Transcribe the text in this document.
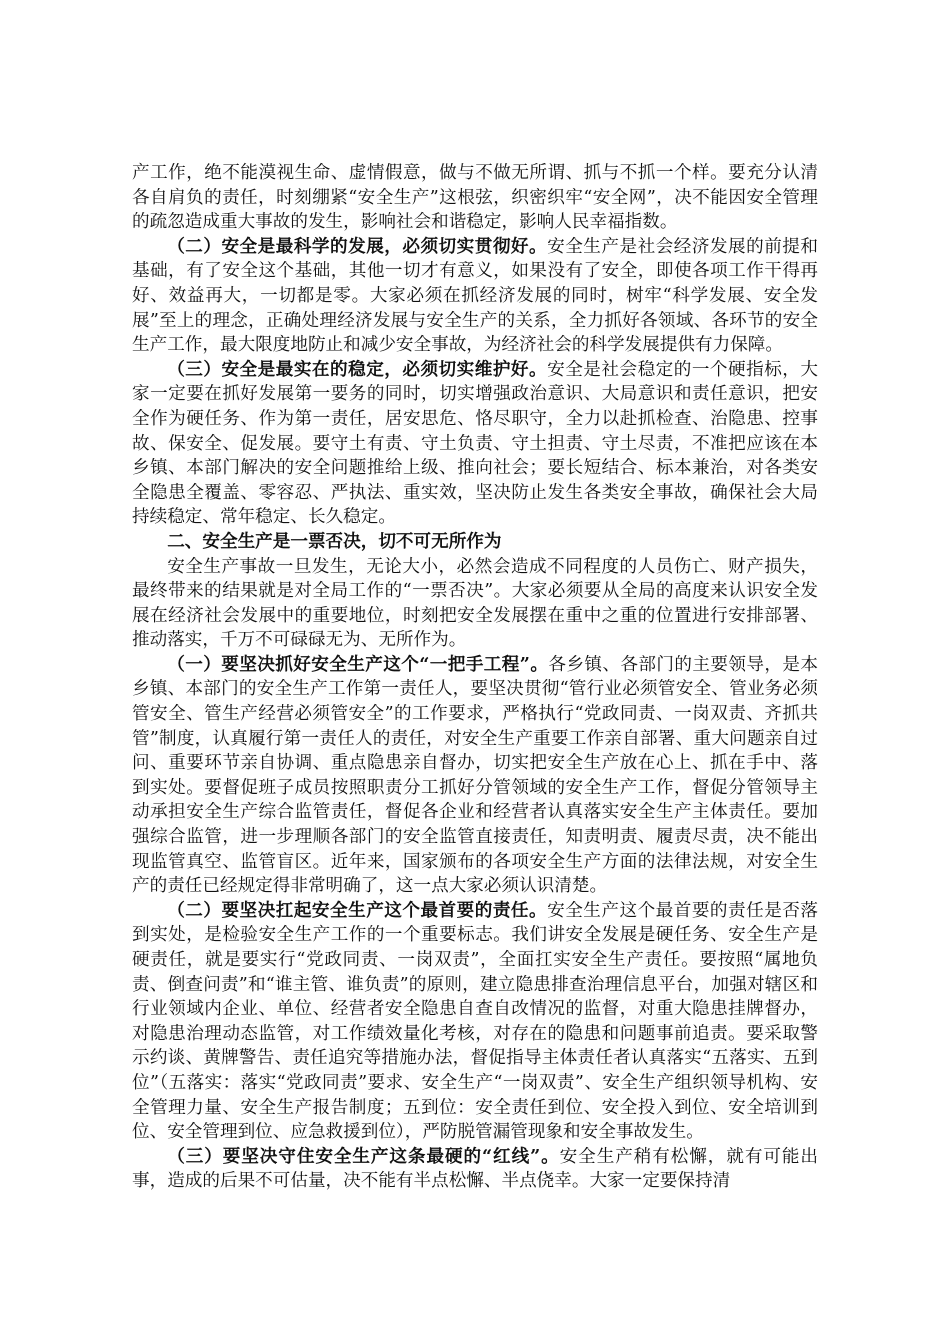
产工作，绝不能漠视生命、虚情假意，做与不做无所谓、抓与不抓一个样。要充分认清各自肩负的责任，时刻绷紧“安全生产”这根弦，织密织牢“安全网”，决不能因安全管理的疏忽造成重大事故的发生，影响社会和谐稳定，影响人民幸福指数。

（二）安全是最科学的发展，必须切实贯彻好。安全生产是社会经济发展的前提和基础，有了安全这个基础，其他一切才有意义，如果没有了安全，即使各项工作干得再好、效益再大，一切都是零。大家必须在抓经济发展的同时，树牢“科学发展、安全发展”至上的理念，正确处理经济发展与安全生产的关系，全力抓好各领域、各环节的安全生产工作，最大限度地防止和减少安全事故，为经济社会的科学发展提供有力保障。

（三）安全是最实在的稳定，必须切实维护好。安全是社会稳定的一个硬指标，大家一定要在抓好发展第一要务的同时，切实增强政治意识、大局意识和责任意识，把安全作为硬任务、作为第一责任，居安思危、恪尽职守，全力以赴抓检查、治隐患、控事故、保安全、促发展。要守土有责、守土负责、守土担责、守土尽责，不准把应该在本乡镇、本部门解决的安全问题推给上级、推向社会；要长短结合、标本兼治，对各类安全隐患全覆盖、零容忍、严执法、重实效，坚决防止发生各类安全事故，确保社会大局持续稳定、常年稳定、长久稳定。

二、安全生产是一票否决，切不可无所作为

安全生产事故一旦发生，无论大小，必然会造成不同程度的人员伤亡、财产损失，最终带来的结果就是对全局工作的“一票否决”。大家必须要从全局的高度来认识安全发展在经济社会发展中的重要地位，时刻把安全发展摆在重中之重的位置进行安排部署、推动落实，千万不可碌碌无为、无所作为。

（一）要坚决抓好安全生产这个“一把手工程”。各乡镇、各部门的主要领导，是本乡镇、本部门的安全生产工作第一责任人，要坚决贯彻“管行业必须管安全、管业务必须管安全、管生产经营必须管安全”的工作要求，严格执行“党政同责、一岗双责、齐抓共管”制度，认真履行第一责任人的责任，对安全生产重要工作亲自部署、重大问题亲自过问、重要环节亲自协调、重点隐患亲自督办，切实把安全生产放在心上、抓在手中、落到实处。要督促班子成员按照职责分工抓好分管领域的安全生产工作，督促分管领导主动承担安全生产综合监管责任，督促各企业和经营者认真落实安全生产主体责任。要加强综合监管，进一步理顺各部门的安全监管直接责任，知责明责、履责尽责，决不能出现监管真空、监管盲区。近年来，国家颁布的各项安全生产方面的法律法规，对安全生产的责任已经规定得非常明确了，这一点大家必须认识清楚。

（二）要坚决扛起安全生产这个最首要的责任。安全生产这个最首要的责任是否落到实处，是检验安全生产工作的一个重要标志。我们讲安全发展是硬任务、安全生产是硬责任，就是要实行“党政同责、一岗双责”，全面扛实安全生产责任。要按照“属地负责、倒查问责”和“谁主管、谁负责”的原则，建立隐患排查治理信息平台，加强对辖区和行业领域内企业、单位、经营者安全隐患自查自改情况的监督，对重大隐患挂牌督办，对隐患治理动态监管，对工作绩效量化考核，对存在的隐患和问题事前追责。要采取警示约谈、黄牌警告、责任追究等措施办法，督促指导主体责任者认真落实“五落实、五到位”（五落实：落实“党政同责”要求、安全生产“一岗双责”、安全生产组织领导机构、安全管理力量、安全生产报告制度；五到位：安全责任到位、安全投入到位、安全培训到位、安全管理到位、应急救援到位），严防脱管漏管现象和安全事故发生。

（三）要坚决守住安全生产这条最硬的“红线”。安全生产稍有松懈，就有可能出事，造成的后果不可估量，决不能有半点松懈、半点侥幸。大家一定要保持清
